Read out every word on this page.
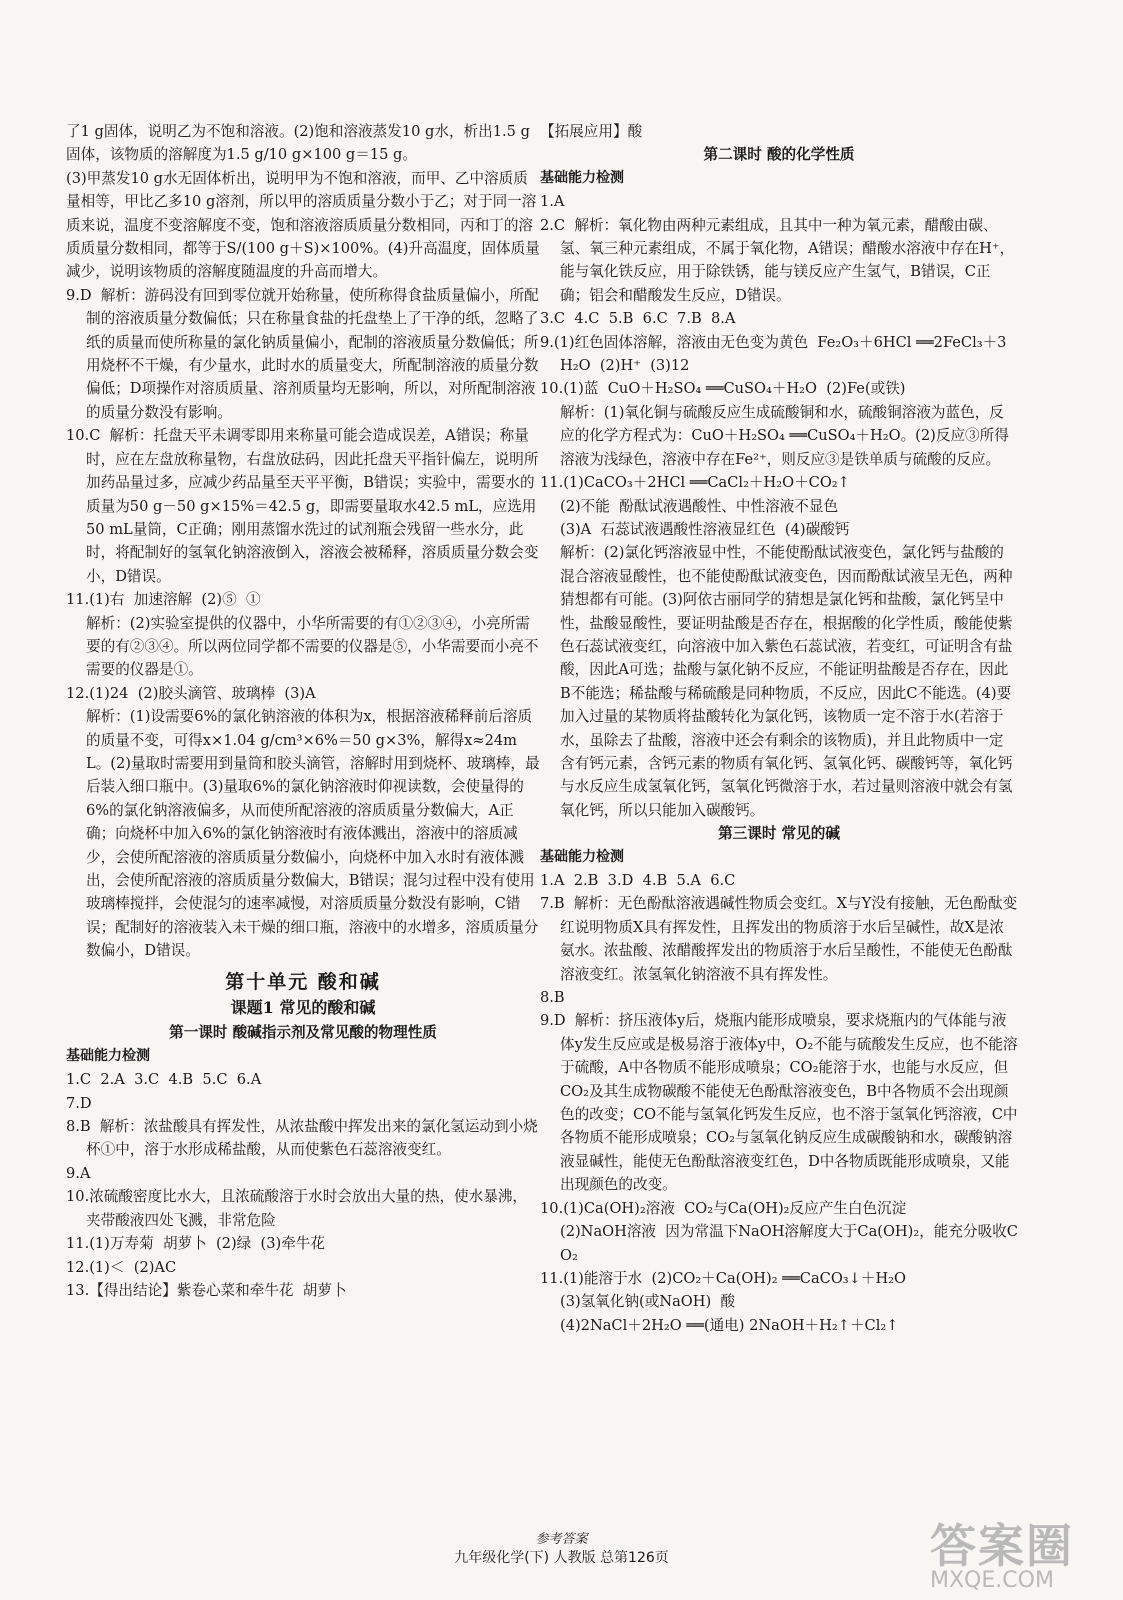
了1 g固体，说明乙为不饱和溶液。(2)饱和溶液蒸发10 g水，析出1.5 g固体，该物质的溶解度为1.5 g/10 g×100 g＝15 g。
(3)甲蒸发10 g水无固体析出，说明甲为不饱和溶液，而甲、乙中溶质质量相等，甲比乙多10 g溶剂，所以甲的溶质质量分数小于乙；对于同一溶质来说，温度不变溶解度不变，饱和溶液溶质质量分数相同，丙和丁的溶质质量分数相同，都等于S/(100 g＋S)×100%。(4)升高温度，固体质量减少，说明该物质的溶解度随温度的升高而增大。
9.D  解析：游码没有回到零位就开始称量，使所称得食盐质量偏小，所配制的溶液质量分数偏低；只在称量食盐的托盘垫上了干净的纸，忽略了纸的质量而使所称量的氯化钠质量偏小，配制的溶液质量分数偏低；所用烧杯不干燥，有少量水，此时水的质量变大，所配制溶液的质量分数偏低；D项操作对溶质质量、溶剂质量均无影响，所以，对所配制溶液的质量分数没有影响。
10.C  解析：托盘天平未调零即用来称量可能会造成误差，A错误；称量时，应在左盘放称量物，右盘放砝码，因此托盘天平指针偏左，说明所加药品量过多，应减少药品量至天平平衡，B错误；实验中，需要水的质量为50 g－50 g×15%＝42.5 g，即需要量取水42.5 mL，应选用50 mL量筒，C正确；刚用蒸馏水洗过的试剂瓶会残留一些水分，此时，将配制好的氢氧化钠溶液倒入，溶液会被稀释，溶质质量分数会变小，D错误。
11.(1)右  加速溶解  (2)⑤  ①
解析：(2)实验室提供的仪器中，小华所需要的有①②③④，小亮所需要的有②③④。所以两位同学都不需要的仪器是⑤，小华需要而小亮不需要的仪器是①。
12.(1)24  (2)胶头滴管、玻璃棒  (3)A
解析：(1)设需要6%的氯化钠溶液的体积为x，根据溶液稀释前后溶质的质量不变，可得x×1.04 g/cm³×6%＝50 g×3%，解得x≈24mL。(2)量取时需要用到量筒和胶头滴管，溶解时用到烧杯、玻璃棒，最后装入细口瓶中。(3)量取6%的氯化钠溶液时仰视读数，会使量得的6%的氯化钠溶液偏多，从而使所配溶液的溶质质量分数偏大，A正确；向烧杯中加入6%的氯化钠溶液时有液体溅出，溶液中的溶质减少，会使所配溶液的溶质质量分数偏小，向烧杯中加入水时有液体溅出，会使所配溶液的溶质质量分数偏大，B错误；混匀过程中没有使用玻璃棒搅拌，会使混匀的速率减慢，对溶质质量分数没有影响，C错误；配制好的溶液装入未干燥的细口瓶，溶液中的水增多，溶质质量分数偏小，D错误。
第十单元 酸和碱
课题1 常见的酸和碱
第一课时 酸碱指示剂及常见酸的物理性质
基础能力检测
1.C  2.A  3.C  4.B  5.C  6.A
7.D
8.B  解析：浓盐酸具有挥发性，从浓盐酸中挥发出来的氯化氢运动到小烧杯①中，溶于水形成稀盐酸，从而使紫色石蕊溶液变红。
9.A
10.浓硫酸密度比水大，且浓硫酸溶于水时会放出大量的热，使水暴沸，夹带酸液四处飞溅，非常危险
11.(1)万寿菊  胡萝卜  (2)绿  (3)牵牛花
12.(1)＜  (2)AC
13.【得出结论】紫卷心菜和牵牛花  胡萝卜
【拓展应用】酸
第二课时 酸的化学性质
基础能力检测
1.A
2.C  解析：氧化物由两种元素组成，且其中一种为氧元素，醋酸由碳、氢、氧三种元素组成，不属于氧化物，A错误；醋酸水溶液中存在H⁺，能与氧化铁反应，用于除铁锈，能与镁反应产生氢气，B错误，C正确；铝会和醋酸发生反应，D错误。
3.C  4.C  5.B  6.C  7.B  8.A
9.(1)红色固体溶解，溶液由无色变为黄色  Fe₂O₃＋6HCl ══2FeCl₃＋3H₂O  (2)H⁺  (3)12
10.(1)蓝  CuO＋H₂SO₄ ══CuSO₄＋H₂O  (2)Fe(或铁)
解析：(1)氧化铜与硫酸反应生成硫酸铜和水，硫酸铜溶液为蓝色，反应的化学方程式为：CuO＋H₂SO₄ ══CuSO₄＋H₂O。(2)反应③所得溶液为浅绿色，溶液中存在Fe²⁺，则反应③是铁单质与硫酸的反应。
11.(1)CaCO₃＋2HCl ══CaCl₂＋H₂O＋CO₂↑
(2)不能  酚酞试液遇酸性、中性溶液不显色
(3)A  石蕊试液遇酸性溶液显红色  (4)碳酸钙
解析：(2)氯化钙溶液显中性，不能使酚酞试液变色，氯化钙与盐酸的混合溶液显酸性，也不能使酚酞试液变色，因而酚酞试液呈无色，两种猜想都有可能。(3)阿依古丽同学的猜想是氯化钙和盐酸，氯化钙呈中性，盐酸显酸性，要证明盐酸是否存在，根据酸的化学性质，酸能使紫色石蕊试液变红，向溶液中加入紫色石蕊试液，若变红，可证明含有盐酸，因此A可选；盐酸与氯化钠不反应，不能证明盐酸是否存在，因此B不能选；稀盐酸与稀硫酸是同种物质，不反应，因此C不能选。(4)要加入过量的某物质将盐酸转化为氯化钙，该物质一定不溶于水(若溶于水，虽除去了盐酸，溶液中还会有剩余的该物质)，并且此物质中一定含有钙元素，含钙元素的物质有氧化钙、氢氧化钙、碳酸钙等，氧化钙与水反应生成氢氧化钙，氢氧化钙微溶于水，若过量则溶液中就会有氢氧化钙，所以只能加入碳酸钙。
第三课时 常见的碱
基础能力检测
1.A  2.B  3.D  4.B  5.A  6.C
7.B  解析：无色酚酞溶液遇碱性物质会变红。X与Y没有接触，无色酚酞变红说明物质X具有挥发性，且挥发出的物质溶于水后呈碱性，故X是浓氨水。浓盐酸、浓醋酸挥发出的物质溶于水后呈酸性，不能使无色酚酞溶液变红。浓氢氧化钠溶液不具有挥发性。
8.B
9.D  解析：挤压液体y后，烧瓶内能形成喷泉，要求烧瓶内的气体能与液体y发生反应或是极易溶于液体y中，O₂不能与硫酸发生反应，也不能溶于硫酸，A中各物质不能形成喷泉；CO₂能溶于水，也能与水反应，但CO₂及其生成物碳酸不能使无色酚酞溶液变色，B中各物质不会出现颜色的改变；CO不能与氢氧化钙发生反应，也不溶于氢氧化钙溶液，C中各物质不能形成喷泉；CO₂与氢氧化钠反应生成碳酸钠和水，碳酸钠溶液显碱性，能使无色酚酞溶液变红色，D中各物质既能形成喷泉，又能出现颜色的改变。
10.(1)Ca(OH)₂溶液  CO₂与Ca(OH)₂反应产生白色沉淀
(2)NaOH溶液  因为常温下NaOH溶解度大于Ca(OH)₂，能充分吸收CO₂
11.(1)能溶于水  (2)CO₂＋Ca(OH)₂ ══CaCO₃↓＋H₂O
(3)氢氧化钠(或NaOH)  酸
(4)2NaCl＋2H₂O ══(通电) 2NaOH＋H₂↑＋Cl₂↑
参考答案
九年级化学(下) 人教版 总第126页	答案圈
MXQE.COM
